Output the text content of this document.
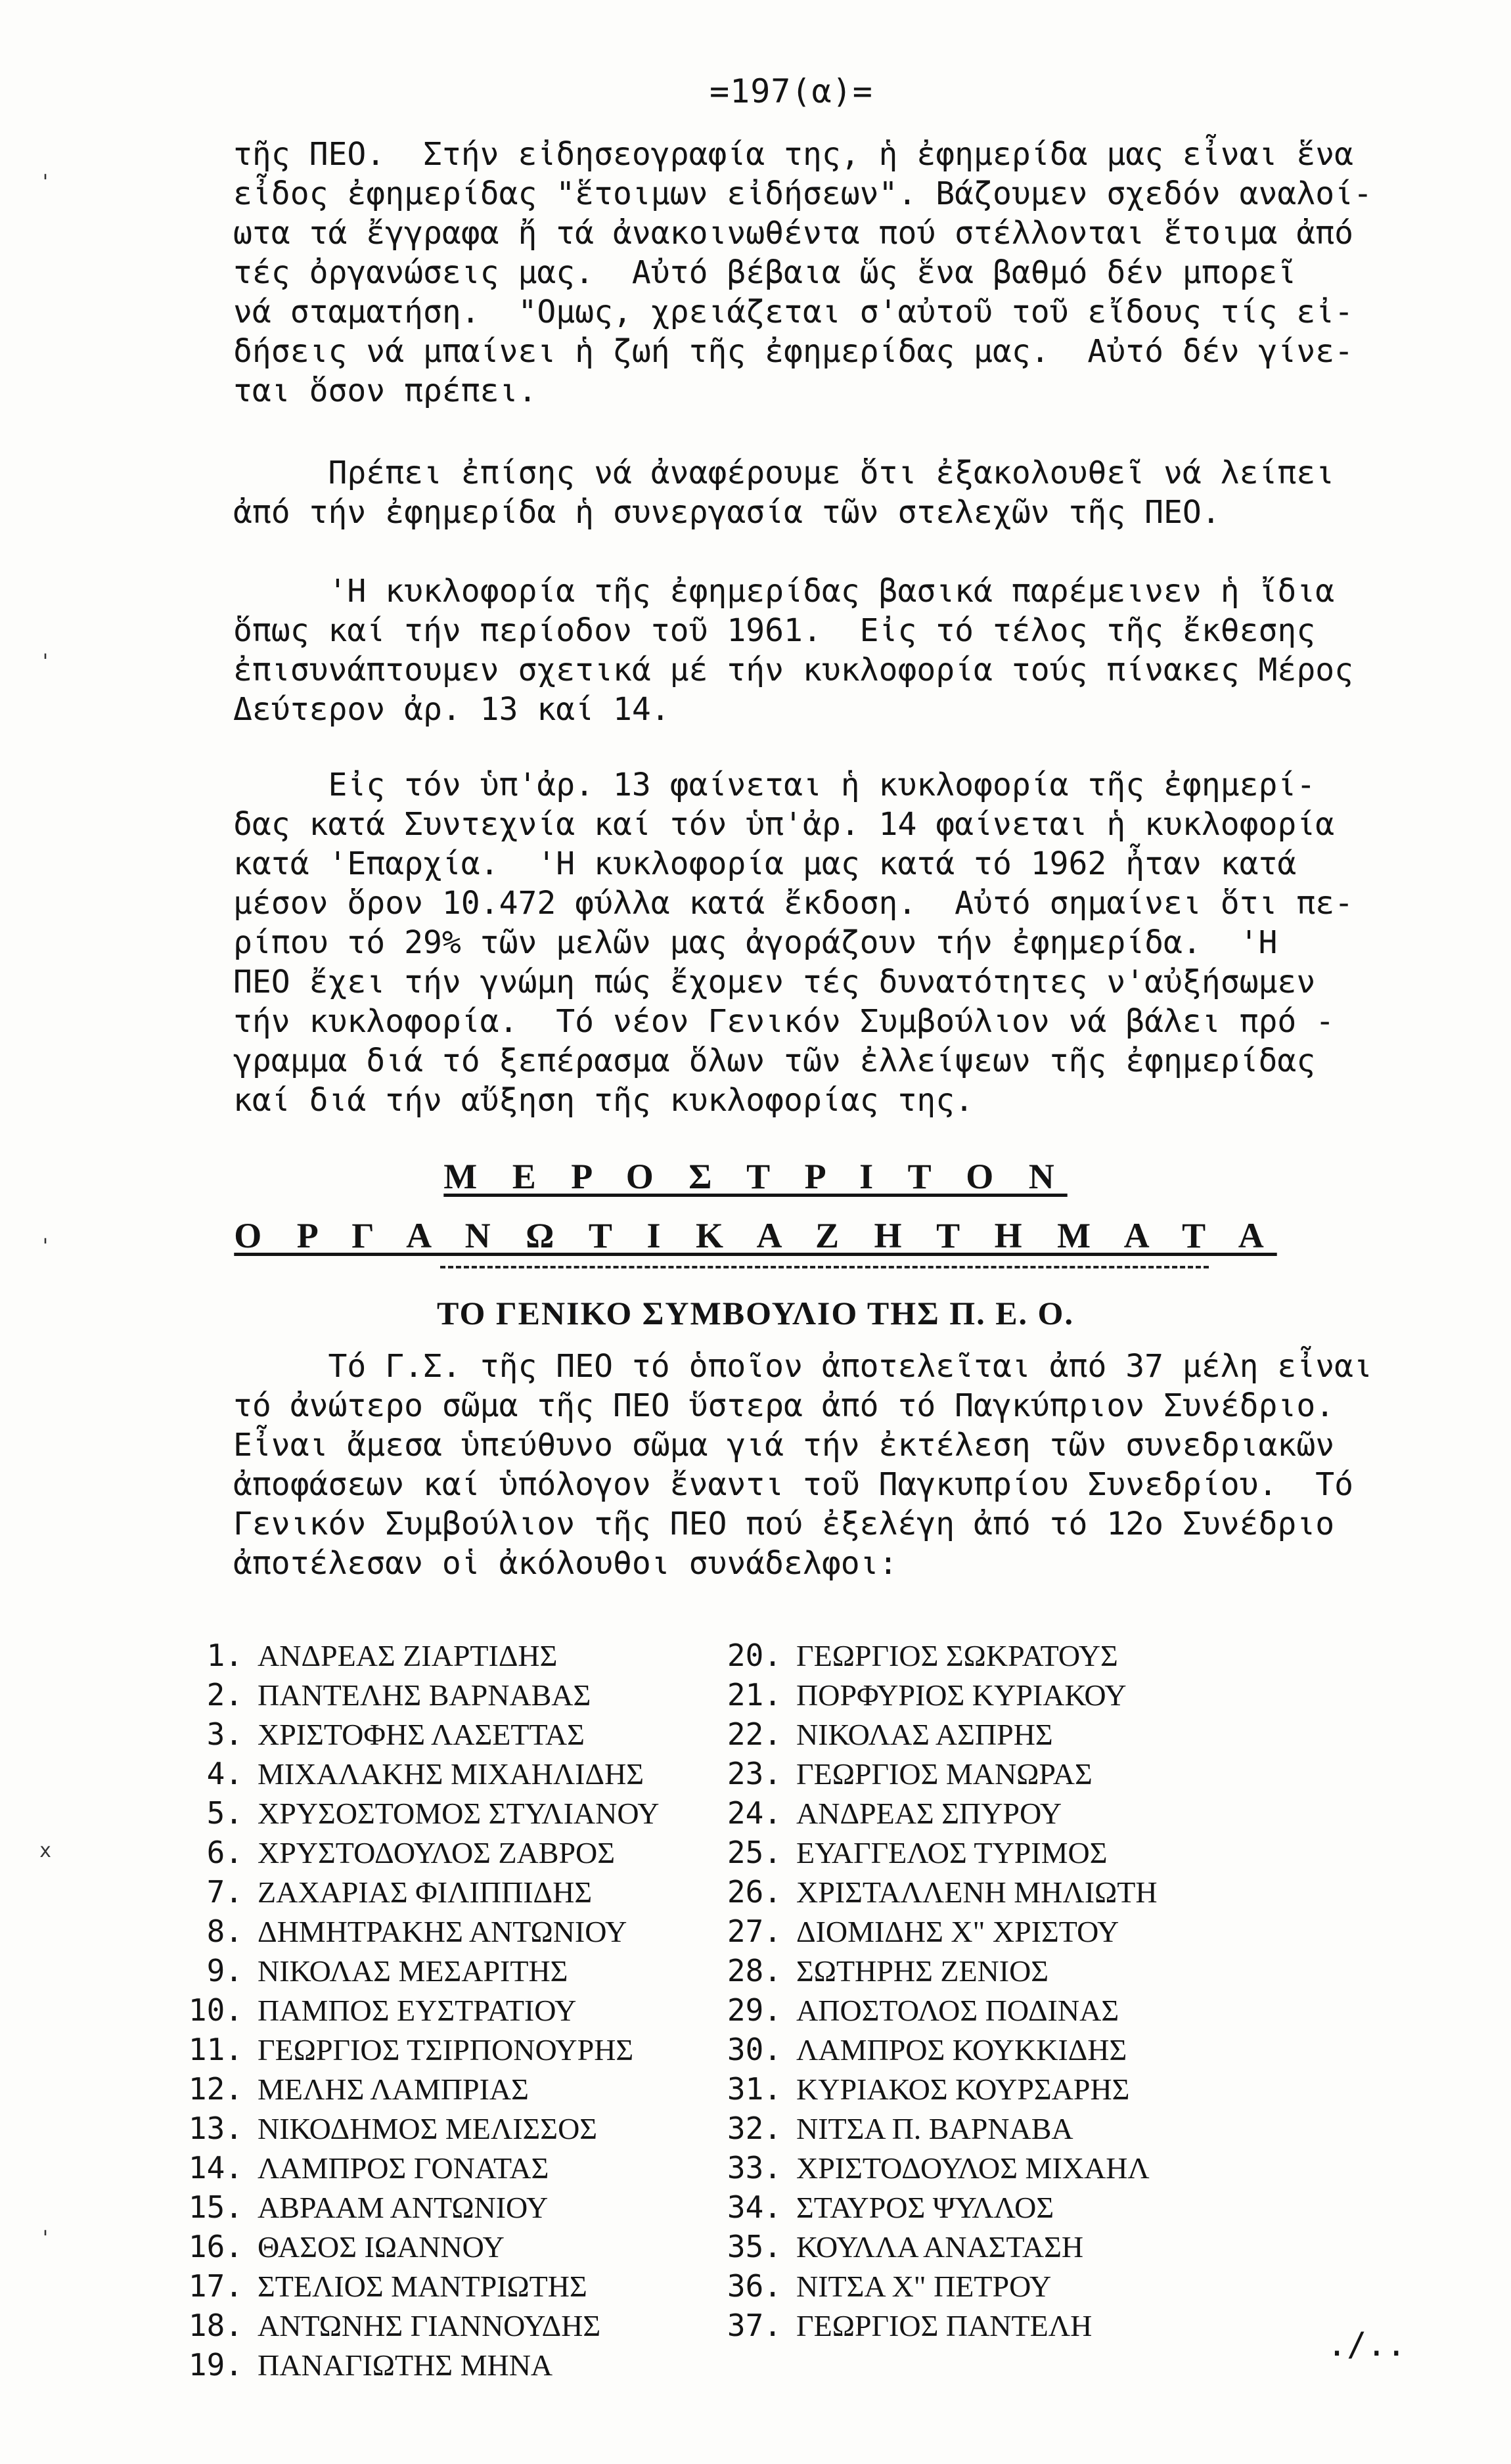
=197(α)=

τῆς ΠΕΟ.  Στήν εἰδησεογραφία της, ἡ ἐφημερίδα μας εἶναι ἕνα
εἶδος ἐφημερίδας "ἕτοιμων εἰδήσεων". Βάζουμεν σχεδόν αναλοί-
ωτα τά ἔγγραφα ἤ τά ἀνακοινωθέντα πού στέλλονται ἕτοιμα ἀπό
τές ὀργανώσεις μας.  Αὐτό βέβαια ὥς ἕνα βαθμό δέν μπορεῖ
νά σταματήση.  "Ομως, χρειάζεται σ'αὐτοῦ τοῦ εἴδους τίς εἰ-
δήσεις νά μπαίνει ἡ ζωή τῆς ἐφημερίδας μας.  Αὐτό δέν γίνε-
ται ὅσον πρέπει.

Πρέπει ἐπίσης νά ἀναφέρουμε ὅτι ἐξακολουθεῖ νά λείπει
ἀπό τήν ἐφημερίδα ἡ συνεργασία τῶν στελεχῶν τῆς ΠΕΟ.

'Η κυκλοφορία τῆς ἐφημερίδας βασικά παρέμεινεν ἡ ἴδια
ὅπως καί τήν περίοδον τοῦ 1961.  Εἰς τό τέλος τῆς ἔκθεσης
ἐπισυνάπτουμεν σχετικά μέ τήν κυκλοφορία τούς πίνακες Μέρος
Δεύτερον ἀρ. 13 καί 14.

Εἰς τόν ὑπ'ἀρ. 13 φαίνεται ἡ κυκλοφορία τῆς ἐφημερί-
δας κατά Συντεχνία καί τόν ὑπ'ἀρ. 14 φαίνεται ἡ κυκλοφορία
κατά 'Επαρχία.  'Η κυκλοφορία μας κατά τό 1962 ἦταν κατά
μέσον ὅρον 10.472 φύλλα κατά ἔκδοση.  Αὐτό σημαίνει ὅτι πε-
ρίπου τό 29% τῶν μελῶν μας ἀγοράζουν τήν ἐφημερίδα.  'Η
ΠΕΟ ἔχει τήν γνώμη πώς ἔχομεν τές δυνατότητες ν'αὐξήσωμεν
τήν κυκλοφορία.  Τό νέον Γενικόν Συμβούλιον νά βάλει πρό -
γραμμα διά τό ξεπέρασμα ὅλων τῶν ἐλλείψεων τῆς ἐφημερίδας
καί διά τήν αὔξηση τῆς κυκλοφορίας της.

Μ Ε Ρ Ο Σ Τ Ρ Ι Τ Ο Ν
Ο Ρ Γ Α Ν Ω Τ Ι Κ Α Ζ Η Τ Η Μ Α Τ Α
ΤΟ ΓΕΝΙΚΟ ΣΥΜΒΟΥΛΙΟ ΤΗΣ Π. Ε. Ο.

Τό Γ.Σ. τῆς ΠΕΟ τό ὁποῖον ἀποτελεῖται ἀπό 37 μέλη εἶναι
τό ἀνώτερο σῶμα τῆς ΠΕΟ ὕστερα ἀπό τό Παγκύπριον Συνέδριο.
Εἶναι ἄμεσα ὑπεύθυνο σῶμα γιά τήν ἐκτέλεση τῶν συνεδριακῶν
ἀποφάσεων καί ὑπόλογον ἔναντι τοῦ Παγκυπρίου Συνεδρίου.  Τό
Γενικόν Συμβούλιον τῆς ΠΕΟ πού ἐξελέγη ἀπό τό 12ο Συνέδριο
ἀποτέλεσαν οἱ ἀκόλουθοι συνάδελφοι:

1. ΑΝΔΡΕΑΣ ΖΙΑΡΤΙΔΗΣ
2. ΠΑΝΤΕΛΗΣ ΒΑΡΝΑΒΑΣ
3. ΧΡΙΣΤΟΦΗΣ ΛΑΣΕΤΤΑΣ
4. ΜΙΧΑΛΑΚΗΣ ΜΙΧΑΗΛΙΔΗΣ
5. ΧΡΥΣΟΣΤΟΜΟΣ ΣΤΥΛΙΑΝΟΥ
6. ΧΡΥΣΤΟΔΟΥΛΟΣ ΖΑΒΡΟΣ
7. ΖΑΧΑΡΙΑΣ ΦΙΛΙΠΠΙΔΗΣ
8. ΔΗΜΗΤΡΑΚΗΣ ΑΝΤΩΝΙΟΥ
9. ΝΙΚΟΛΑΣ ΜΕΣΑΡΙΤΗΣ
10. ΠΑΜΠΟΣ ΕΥΣΤΡΑΤΙΟΥ
11. ΓΕΩΡΓΙΟΣ ΤΣΙΡΠΟΝΟΥΡΗΣ
12. ΜΕΛΗΣ ΛΑΜΠΡΙΑΣ
13. ΝΙΚΟΔΗΜΟΣ ΜΕΛΙΣΣΟΣ
14. ΛΑΜΠΡΟΣ ΓΟΝΑΤΑΣ
15. ΑΒΡΑΑΜ ΑΝΤΩΝΙΟΥ
16. ΘΑΣΟΣ ΙΩΑΝΝΟΥ
17. ΣΤΕΛΙΟΣ ΜΑΝΤΡΙΩΤΗΣ
18. ΑΝΤΩΝΗΣ ΓΙΑΝΝΟΥΔΗΣ
19. ΠΑΝΑΓΙΩΤΗΣ ΜΗΝΑ
20. ΓΕΩΡΓΙΟΣ ΣΩΚΡΑΤΟΥΣ
21. ΠΟΡΦΥΡΙΟΣ ΚΥΡΙΑΚΟΥ
22. ΝΙΚΟΛΑΣ ΑΣΠΡΗΣ
23. ΓΕΩΡΓΙΟΣ ΜΑΝΩΡΑΣ
24. ΑΝΔΡΕΑΣ ΣΠΥΡΟΥ
25. ΕΥΑΓΓΕΛΟΣ ΤΥΡΙΜΟΣ
26. ΧΡΙΣΤΑΛΛΕΝΗ ΜΗΛΙΩΤΗ
27. ΔΙΟΜΙΔΗΣ Χ" ΧΡΙΣΤΟΥ
28. ΣΩΤΗΡΗΣ ΖΕΝΙΟΣ
29. ΑΠΟΣΤΟΛΟΣ ΠΟΔΙΝΑΣ
30. ΛΑΜΠΡΟΣ ΚΟΥΚΚΙΔΗΣ
31. ΚΥΡΙΑΚΟΣ ΚΟΥΡΣΑΡΗΣ
32. ΝΙΤΣΑ Π. ΒΑΡΝΑΒΑ
33. ΧΡΙΣΤΟΔΟΥΛΟΣ ΜΙΧΑΗΛ
34. ΣΤΑΥΡΟΣ ΨΥΛΛΟΣ
35. ΚΟΥΛΛΑ ΑΝΑΣΤΑΣΗ
36. ΝΙΤΣΑ Χ" ΠΕΤΡΟΥ
37. ΓΕΩΡΓΙΟΣ ΠΑΝΤΕΛΗ	./..
'
'
'
x
'
